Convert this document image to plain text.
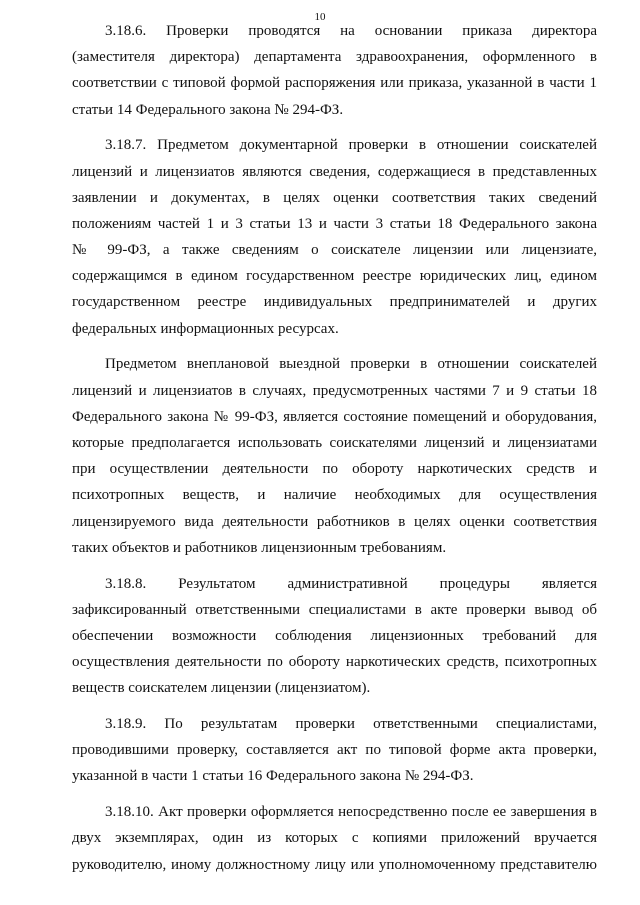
10
3.18.6. Проверки проводятся на основании приказа директора
(заместителя директора) департамента здравоохранения, оформленного в
соответствии с типовой формой распоряжения или приказа, указанной в части 1
статьи 14 Федерального закона № 294-ФЗ.
3.18.7. Предметом документарной проверки в отношении соискателей
лицензий и лицензиатов являются сведения, содержащиеся в представленных
заявлении и документах, в целях оценки соответствия таких сведений
положениям частей 1 и 3 статьи 13 и части 3 статьи 18 Федерального закона
№ 99-ФЗ, а также сведениям о соискателе лицензии или лицензиате,
содержащимся в едином государственном реестре юридических лиц, едином
государственном реестре индивидуальных предпринимателей и других
федеральных информационных ресурсах.
Предметом внеплановой выездной проверки в отношении соискателей
лицензий и лицензиатов в случаях, предусмотренных частями 7 и 9 статьи 18
Федерального закона № 99-ФЗ, является состояние помещений и оборудования,
которые предполагается использовать соискателями лицензий и лицензиатами
при осуществлении деятельности по обороту наркотических средств и
психотропных веществ, и наличие необходимых для осуществления
лицензируемого вида деятельности работников в целях оценки соответствия
таких объектов и работников лицензионным требованиям.
3.18.8. Результатом административной процедуры является
зафиксированный ответственными специалистами в акте проверки вывод об
обеспечении возможности соблюдения лицензионных требований для
осуществления деятельности по обороту наркотических средств, психотропных
веществ соискателем лицензии (лицензиатом).
3.18.9. По результатам проверки ответственными специалистами,
проводившими проверку, составляется акт по типовой форме акта проверки,
указанной в части 1 статьи 16 Федерального закона № 294-ФЗ.
3.18.10. Акт проверки оформляется непосредственно после ее завершения в
двух экземплярах, один из которых с копиями приложений вручается
руководителю, иному должностному лицу или уполномоченному представителю
